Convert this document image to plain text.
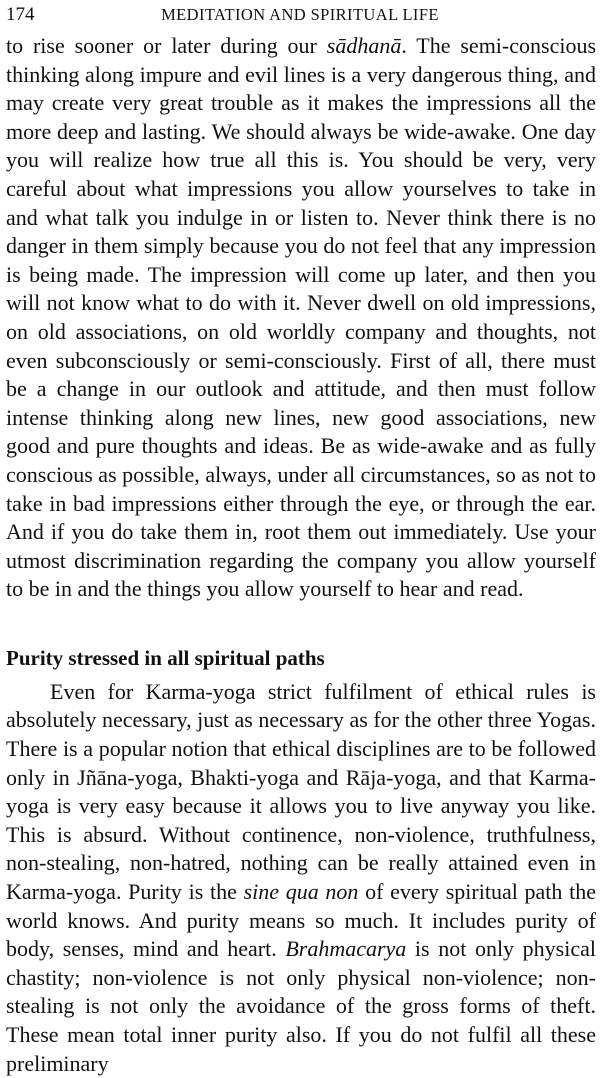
174	MEDITATION AND SPIRITUAL LIFE

to rise sooner or later during our sādhanā. The semi-conscious thinking along impure and evil lines is a very dangerous thing, and may create very great trouble as it makes the impressions all the more deep and lasting. We should always be wide-awake. One day you will realize how true all this is. You should be very, very careful about what impressions you allow yourselves to take in and what talk you indulge in or listen to. Never think there is no danger in them simply because you do not feel that any impression is being made. The impression will come up later, and then you will not know what to do with it. Never dwell on old impressions, on old associations, on old worldly company and thoughts, not even subconsciously or semi-consciously. First of all, there must be a change in our outlook and attitude, and then must follow intense thinking along new lines, new good associations, new good and pure thoughts and ideas. Be as wide-awake and as fully conscious as possible, always, under all circumstances, so as not to take in bad impressions either through the eye, or through the ear. And if you do take them in, root them out immediately. Use your utmost discrimination regarding the company you allow yourself to be in and the things you allow yourself to hear and read.

Purity stressed in all spiritual paths

Even for Karma-yoga strict fulfilment of ethical rules is absolutely necessary, just as necessary as for the other three Yogas. There is a popular notion that ethical disciplines are to be followed only in Jñāna-yoga, Bhakti-yoga and Rāja-yoga, and that Karma-yoga is very easy because it allows you to live anyway you like. This is absurd. Without continence, non-violence, truthfulness, non-stealing, non-hatred, nothing can be really attained even in Karma-yoga. Purity is the sine qua non of every spiritual path the world knows. And purity means so much. It includes purity of body, senses, mind and heart. Brahmacarya is not only physical chastity; non-violence is not only physical non-violence; non-stealing is not only the avoidance of the gross forms of theft. These mean total inner purity also. If you do not fulfil all these preliminary
